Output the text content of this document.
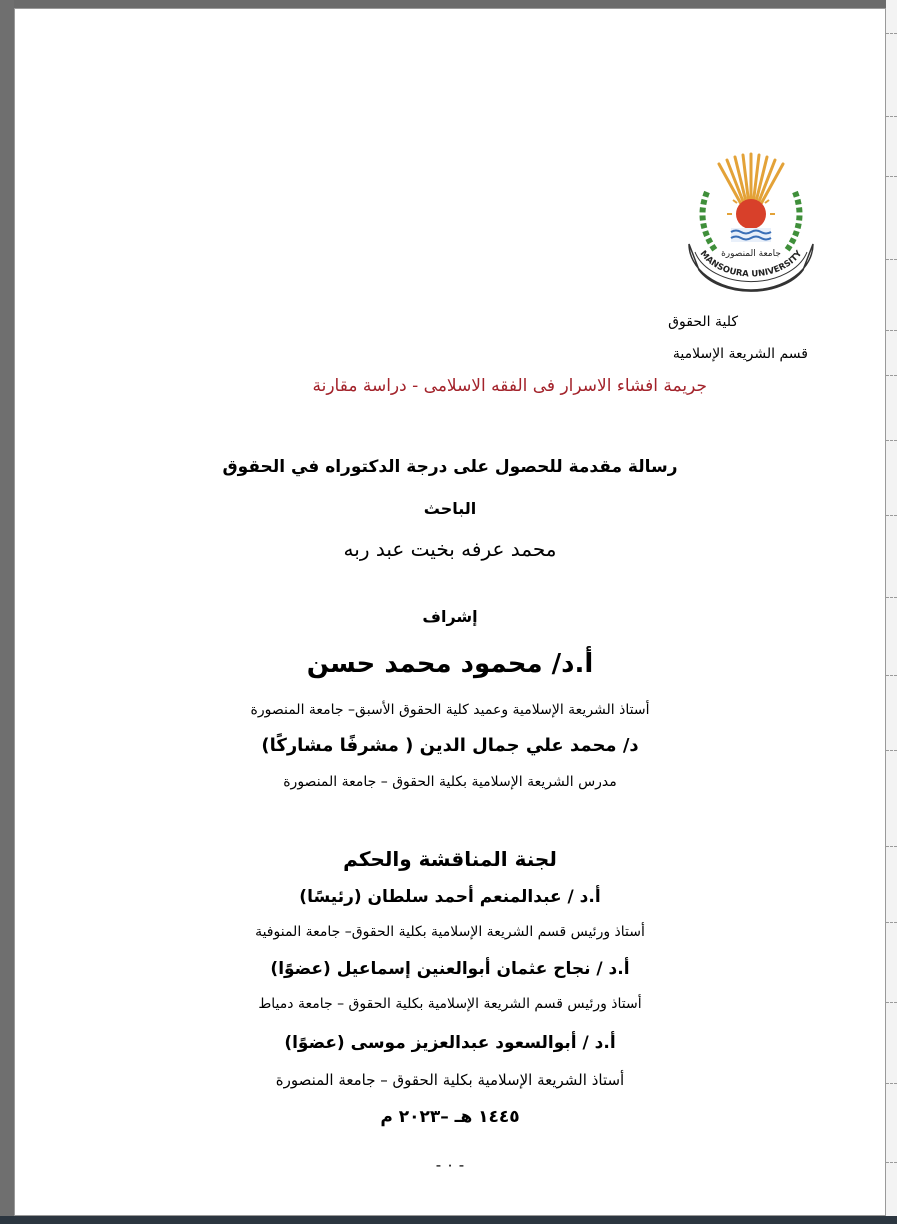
جامعة المنصورة
MANSOURA UNIVERSITY
كلية الحقوق
قسم الشريعة الإسلامية
جريمة افشاء الاسرار فى الفقه الاسلامى - دراسة مقارنة
رسالة مقدمة للحصول على درجة الدكتوراه في الحقوق
الباحث
محمد عرفه بخيت عبد ربه
إشراف
أ.د/ محمود محمد حسن
أستاذ الشريعة الإسلامية وعميد كلية الحقوق الأسبق– جامعة المنصورة
د/ محمد علي جمال الدين ( مشرفًا مشاركًا)
مدرس الشريعة الإسلامية بكلية الحقوق – جامعة المنصورة
لجنة المناقشة والحكم
أ.د / عبدالمنعم أحمد سلطان (رئيسًا)
أستاذ ورئيس قسم الشريعة الإسلامية بكلية الحقوق– جامعة المنوفية
أ.د / نجاح عثمان أبوالعنين إسماعيل (عضوًا)
أستاذ ورئيس قسم الشريعة الإسلامية بكلية الحقوق – جامعة دمياط
أ.د / أبوالسعود عبدالعزيز موسى (عضوًا)
أستاذ الشريعة الإسلامية بكلية الحقوق – جامعة المنصورة
١٤٤٥ هـ –٢٠٢٣ م
- ٠ -
